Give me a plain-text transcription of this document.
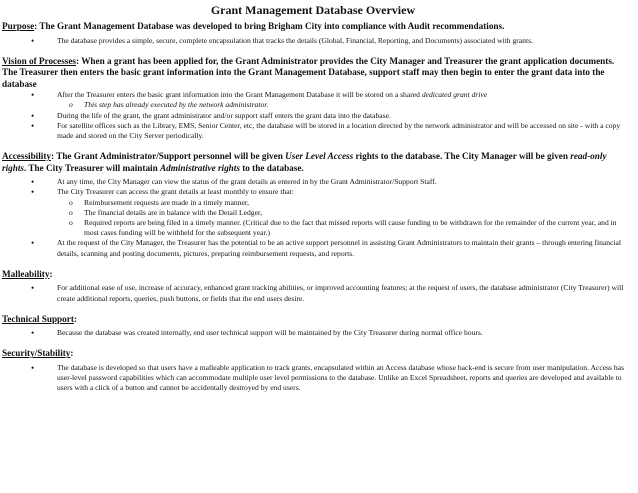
Grant Management Database Overview
Purpose: The Grant Management Database was developed to bring Brigham City into compliance with Audit recommendations.
• The database provides a simple, secure, complete encapsulation that tracks the details (Global, Financial, Reporting, and Documents) associated with grants.
Vision of Processes: When a grant has been applied for, the Grant Administrator provides the City Manager and Treasurer the grant application documents. The Treasurer then enters the basic grant information into the Grant Management Database, support staff may then begin to enter the grant data into the database
• After the Treasurer enters the basic grant information into the Grant Management Database it will be stored on a shared dedicated grant drive
o This step has already executed by the network administrator.
• During the life of the grant, the grant administrator and/or support staff enters the grant data into the database.
• For satellite offices such as the Library, EMS, Senior Center, etc, the database will be stored in a location directed by the network administrator and will be accessed on site - with a copy made and stored on the City Server periodically.
Accessibility: The Grant Administrator/Support personnel will be given User Level Access rights to the database. The City Manager will be given read-only rights. The City Treasurer will maintain Administrative rights to the database.
• At any time, the City Manager can view the status of the grant details as entered in by the Grant Administrator/Support Staff.
• The City Treasurer can access the grant details at least monthly to ensure that:
o Reimbursement requests are made in a timely manner,
o The financial details are in balance with the Detail Ledger,
o Required reports are being filed in a timely manner. (Critical due to the fact that missed reports will cause funding to be withdrawn for the remainder of the current year, and in most cases funding will be withheld for the subsequent year.)
• At the request of the City Manager, the Treasurer has the potential to be an active support personnel in assisting Grant Administrators to maintain their grants – through entering financial details, scanning and posting documents, pictures, preparing reimbursement requests, and reports.
Malleability:
• For additional ease of use, increase of accuracy, enhanced grant tracking abilities, or improved accounting features; at the request of users, the database administrator (City Treasurer) will create additional reports, queries, push buttons, or fields that the end users desire.
Technical Support:
• Because the database was created internally, end user technical support will be maintained by the City Treasurer during normal office hours.
Security/Stability:
• The database is developed so that users have a malleable application to track grants, encapsulated within an Access database whose back-end is secure from user manipulation. Access has user-level password capabilities which can accommodate multiple user level permissions to the database. Unlike an Excel Spreadsheet, reports and queries are developed and available to users with a click of a button and cannot be accidentally destroyed by end users.
